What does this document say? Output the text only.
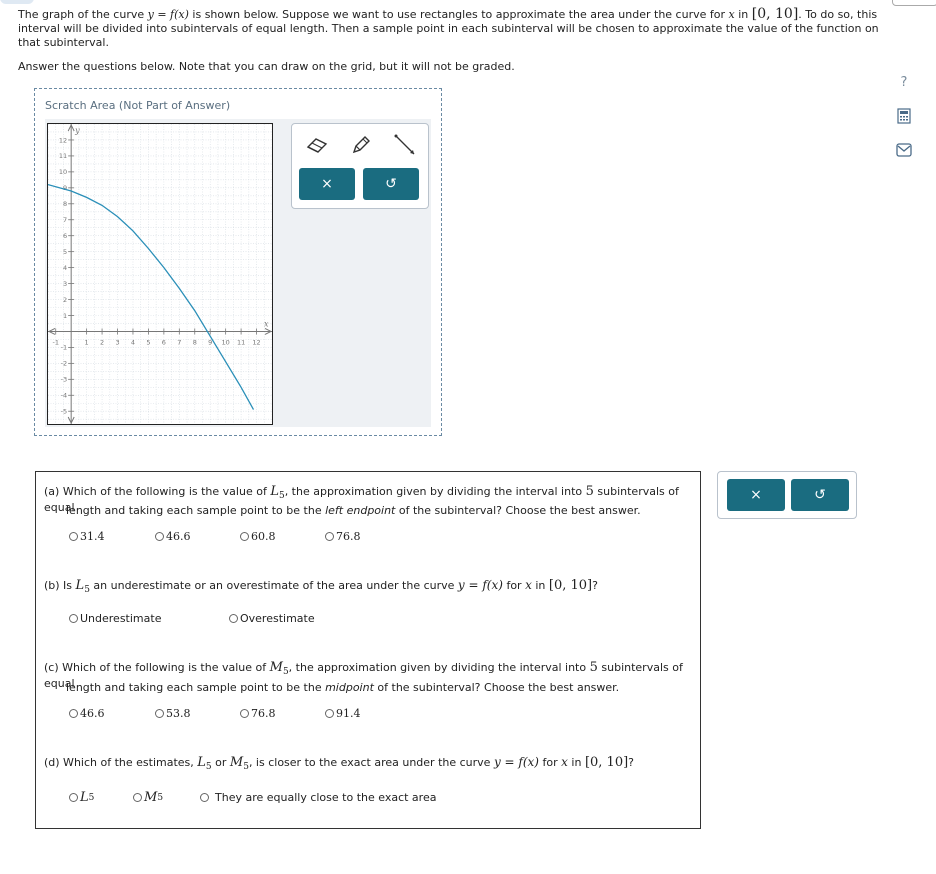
The graph of the curve y = f(x) is shown below. Suppose we want to use rectangles to approximate the area under the curve for x in [0, 10]. To do so, this interval will be divided into subintervals of equal length. Then a sample point in each subinterval will be chosen to approximate the value of the function on that subinterval.
Answer the questions below. Note that you can draw on the grid, but it will not be graded.
Scratch Area (Not Part of Answer)
-1	1 2 3 4 5 6 7 8 9 10 11 12
12
11
10
9
8
7
6
5
4
3
2
1
-1
-2
-3
-4
-5
y
x
×	↺
?
(a) Which of the following is the value of $L_5$, the approximation given by dividing the interval into 5 subintervals of equal
length and taking each sample point to be the left endpoint of the subinterval? Choose the best answer.
31.4	46.6	60.8	76.8
(b) Is $L_5$ an underestimate or an overestimate of the area under the curve y = f(x) for x in [0, 10]?
Underestimate	Overestimate
(c) Which of the following is the value of $M_5$, the approximation given by dividing the interval into 5 subintervals of equal
length and taking each sample point to be the midpoint of the subinterval? Choose the best answer.
46.6	53.8	76.8	91.4
(d) Which of the estimates, $L_5$ or $M_5$, is closer to the exact area under the curve y = f(x) for x in [0, 10]?
L 5	M 5	They are equally close to the exact area
×	↺
